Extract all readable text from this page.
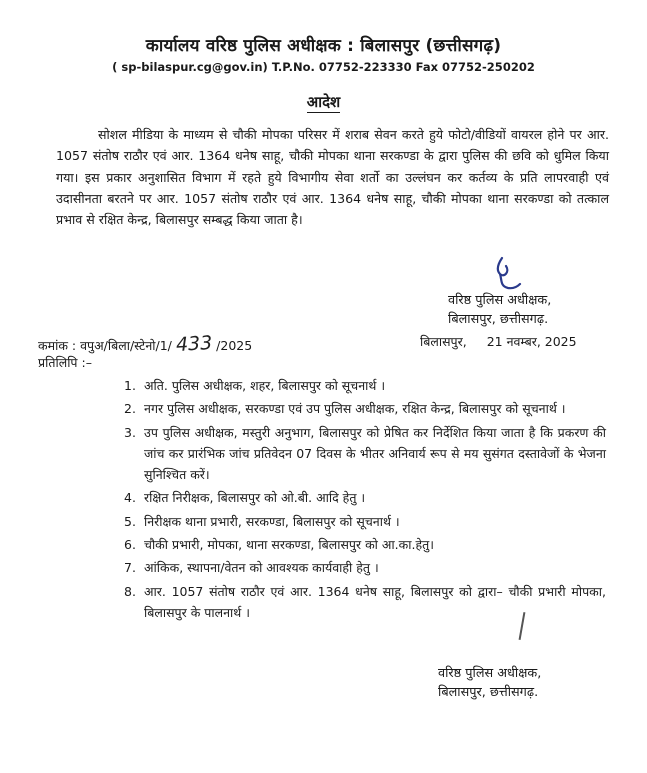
कार्यालय वरिष्ठ पुलिस अधीक्षक : बिलासपुर (छत्तीसगढ़)
( sp-bilaspur.cg@gov.in) T.P.No. 07752-223330 Fax 07752-250202
आदेश
सोशल मीडिया के माध्यम से चौकी मोपका परिसर में शराब सेवन करते हुये फोटो/वीडियों वायरल होने पर आर. 1057 संतोष राठौर एवं आर. 1364 धनेष साहू, चौकी मोपका थाना सरकण्डा के द्वारा पुलिस की छवि को धुमिल किया गया। इस प्रकार अनुशासित विभाग में रहते हुये विभागीय सेवा शर्तो का उल्लंघन कर कर्तव्य के प्रति लापरवाही एवं उदासीनता बरतने पर आर. 1057 संतोष राठौर एवं आर. 1364 धनेष साहू, चौकी मोपका थाना सरकण्डा को तत्काल प्रभाव से रक्षित केन्द्र, बिलासपुर सम्बद्ध किया जाता है।
वरिष्ठ पुलिस अधीक्षक,
बिलासपुर, छत्तीसगढ़.
कमांक : वपुअ/बिला/स्टेनो/1/ 433 /2025	बिलासपुर, 21 नवम्बर, 2025
प्रतिलिपि :–
1. अति. पुलिस अधीक्षक, शहर, बिलासपुर को सूचनार्थ ।
2. नगर पुलिस अधीक्षक, सरकण्डा एवं उप पुलिस अधीक्षक, रक्षित केन्द्र, बिलासपुर को सूचनार्थ ।
3. उप पुलिस अधीक्षक, मस्तुरी अनुभाग, बिलासपुर को प्रेषित कर निर्देशित किया जाता है कि प्रकरण की जांच कर प्रारंभिक जांच प्रतिवेदन 07 दिवस के भीतर अनिवार्य रूप से मय सुसंगत दस्तावेजों के भेजना सुनिश्चित करें।
4. रक्षित निरीक्षक, बिलासपुर को ओ.बी. आदि हेतु ।
5. निरीक्षक थाना प्रभारी, सरकण्डा, बिलासपुर को सूचनार्थ ।
6. चौकी प्रभारी, मोपका, थाना सरकण्डा, बिलासपुर को आ.का.हेतु।
7. आंकिक, स्थापना/वेतन को आवश्यक कार्यवाही हेतु ।
8. आर. 1057 संतोष राठौर एवं आर. 1364 धनेष साहू, बिलासपुर को द्वारा– चौकी प्रभारी मोपका, बिलासपुर के पालनार्थ ।
वरिष्ठ पुलिस अधीक्षक,
बिलासपुर, छत्तीसगढ़.
